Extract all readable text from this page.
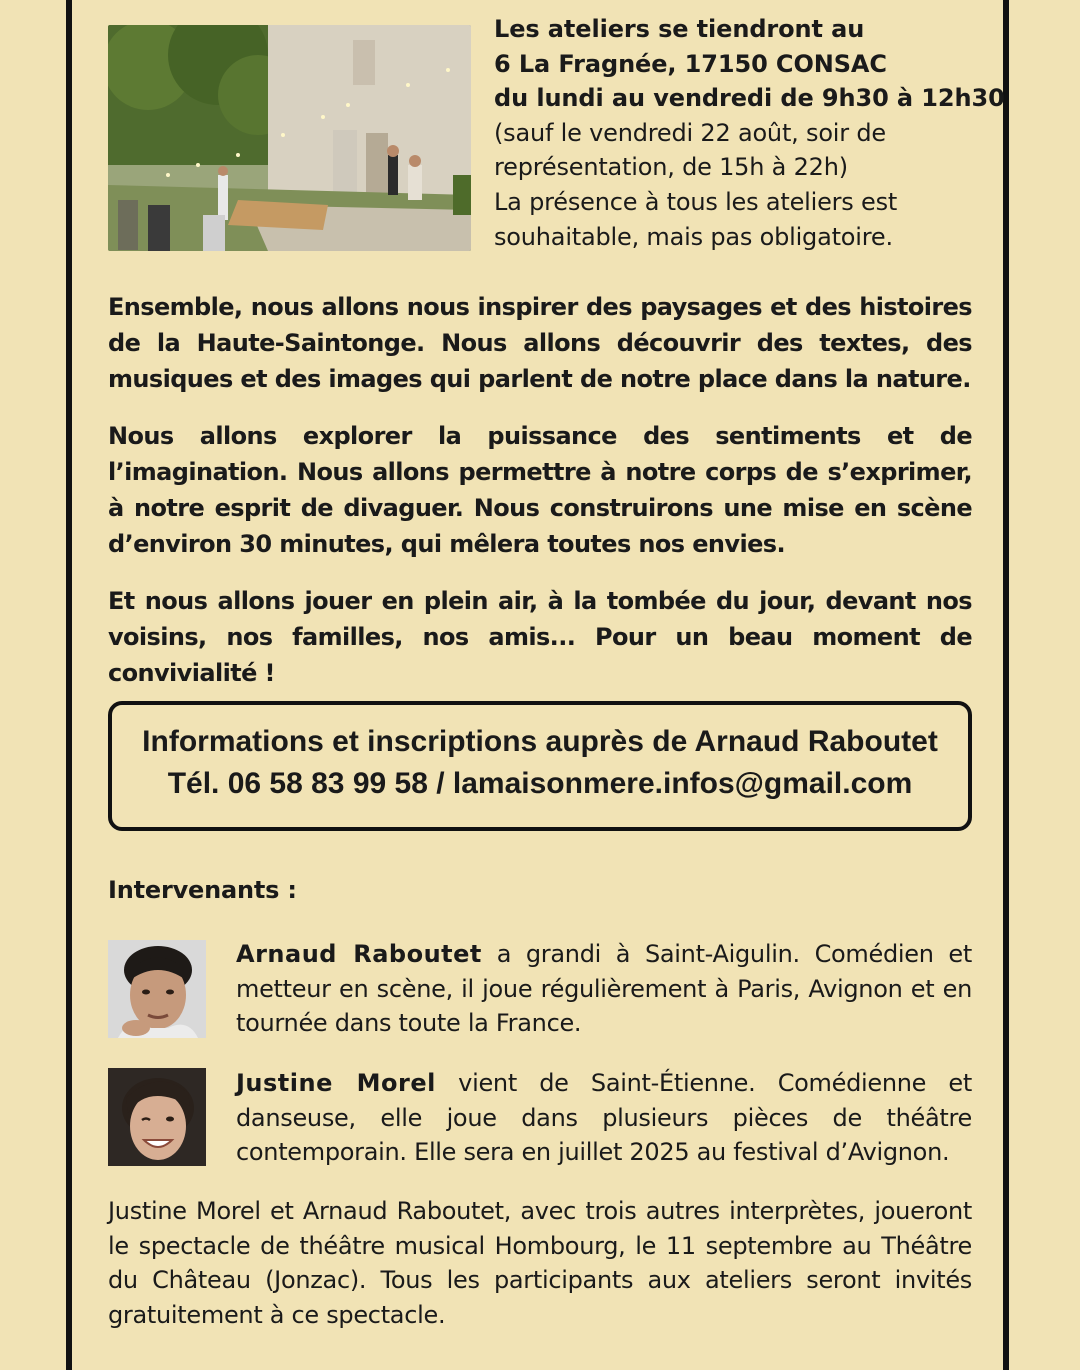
Les ateliers se tiendront au
6 La Fragnée, 17150 CONSAC
du lundi au vendredi de 9h30 à 12h30
(sauf le vendredi 22 août, soir de
représentation, de 15h à 22h)
La présence à tous les ateliers est
souhaitable, mais pas obligatoire.

Ensemble, nous allons nous inspirer des paysages et des histoires de la Haute-Saintonge. Nous allons découvrir des textes, des musiques et des images qui parlent de notre place dans la nature.

Nous allons explorer la puissance des sentiments et de l’imagination. Nous allons permettre à notre corps de s’exprimer, à notre esprit de divaguer. Nous construirons une mise en scène d’environ 30 minutes, qui mêlera toutes nos envies.

Et nous allons jouer en plein air, à la tombée du jour, devant nos voisins, nos familles, nos amis... Pour un beau moment de convivialité !

Informations et inscriptions auprès de Arnaud Raboutet
Tél. 06 58 83 99 58 / lamaisonmere.infos@gmail.com
Intervenants :

Arnaud Raboutet a grandi à Saint-Aigulin. Comédien et metteur en scène, il joue régulièrement à Paris, Avignon et en tournée dans toute la France.

Justine Morel vient de Saint-Étienne. Comédienne et danseuse, elle joue dans plusieurs pièces de théâtre contemporain. Elle sera en juillet 2025 au festival d’Avignon.

Justine Morel et Arnaud Raboutet, avec trois autres interprètes, joueront le spectacle de théâtre musical Hombourg, le 11 septembre au Théâtre du Château (Jonzac). Tous les participants aux ateliers seront invités gratuitement à ce spectacle.
